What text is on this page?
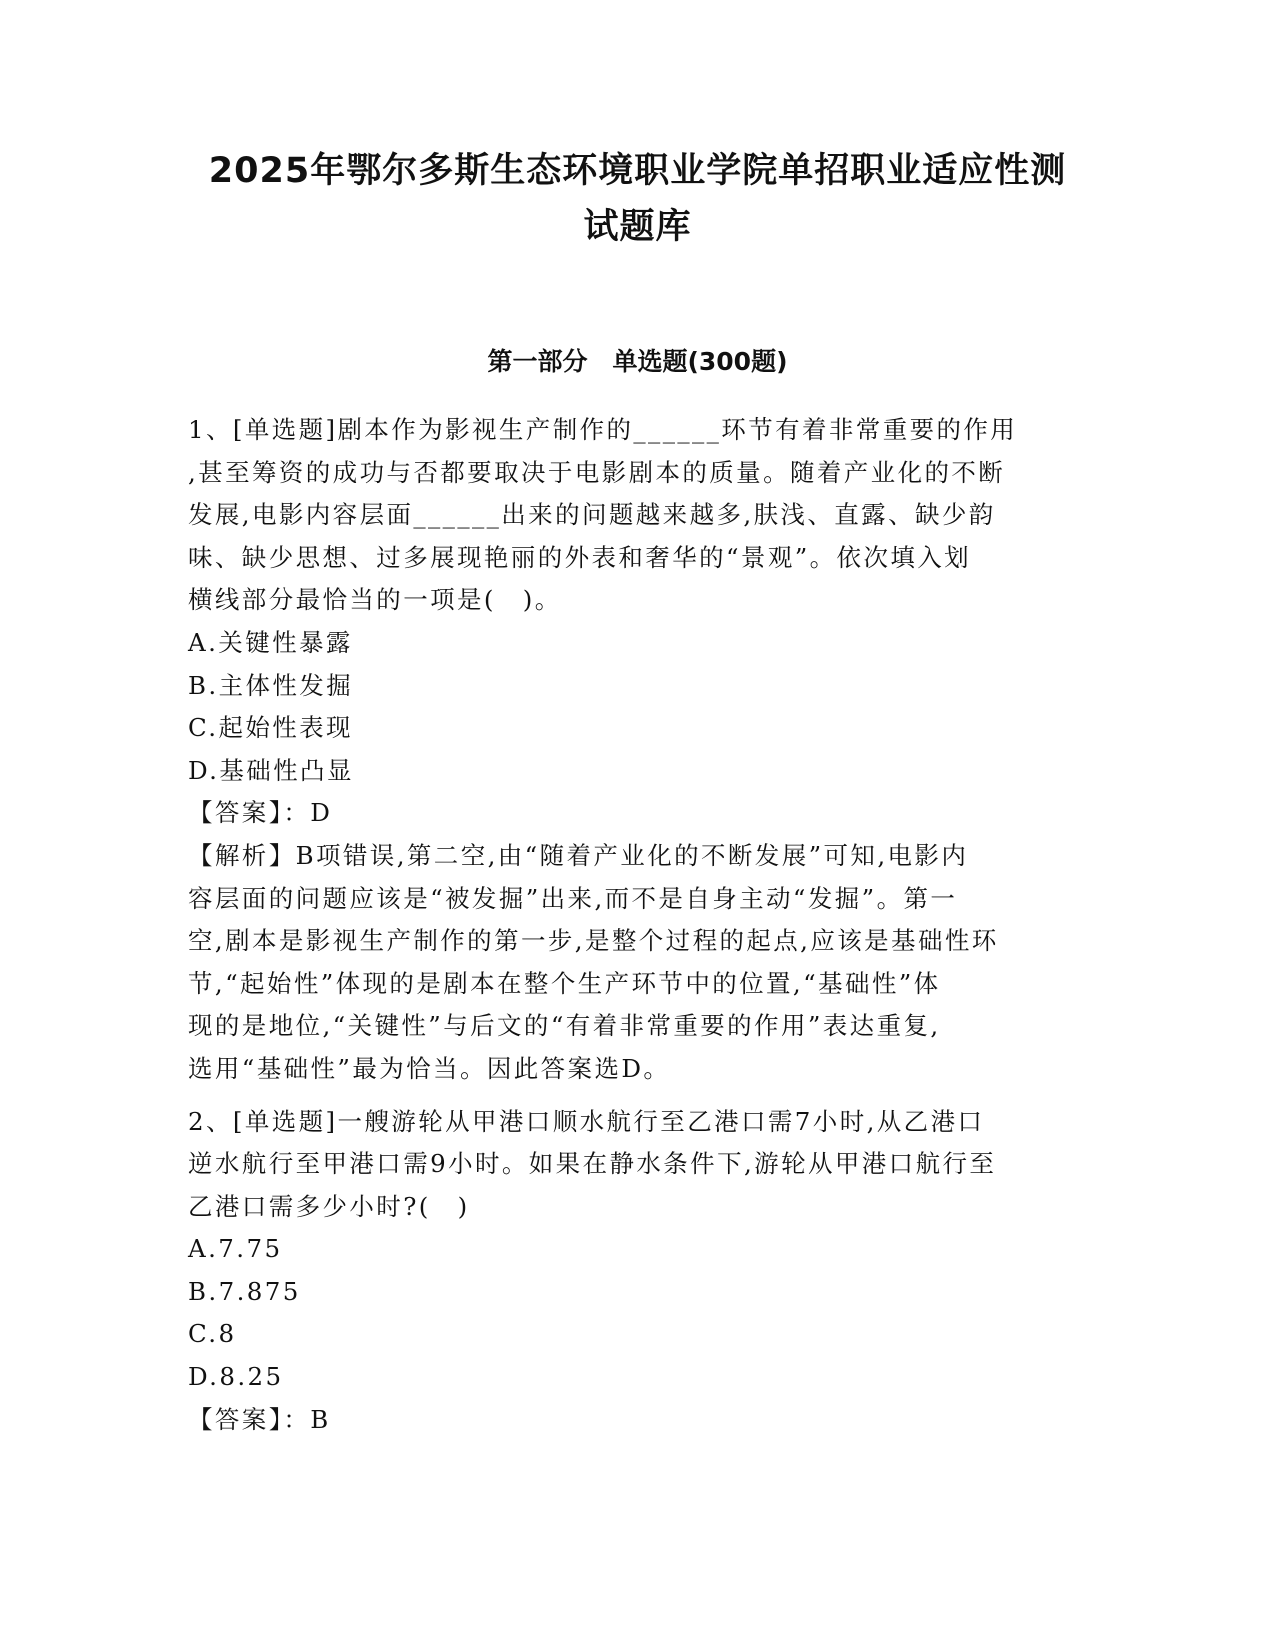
2025年鄂尔多斯生态环境职业学院单招职业适应性测
试题库
第一部分　单选题(300题)
1、[单选题]剧本作为影视生产制作的______环节有着非常重要的作用
,甚至筹资的成功与否都要取决于电影剧本的质量。随着产业化的不断
发展,电影内容层面______出来的问题越来越多,肤浅、直露、缺少韵
味、缺少思想、过多展现艳丽的外表和奢华的“景观”。依次填入划
横线部分最恰当的一项是(　)。
A.关键性暴露
B.主体性发掘
C.起始性表现
D.基础性凸显
【答案】：D
【解析】B项错误,第二空,由“随着产业化的不断发展”可知,电影内
容层面的问题应该是“被发掘”出来,而不是自身主动“发掘”。第一
空,剧本是影视生产制作的第一步,是整个过程的起点,应该是基础性环
节,“起始性”体现的是剧本在整个生产环节中的位置,“基础性”体
现的是地位,“关键性”与后文的“有着非常重要的作用”表达重复,
选用“基础性”最为恰当。因此答案选D。
2、[单选题]一艘游轮从甲港口顺水航行至乙港口需7小时,从乙港口
逆水航行至甲港口需9小时。如果在静水条件下,游轮从甲港口航行至
乙港口需多少小时?(　)
A.7.75
B.7.875
C.8
D.8.25
【答案】：B
